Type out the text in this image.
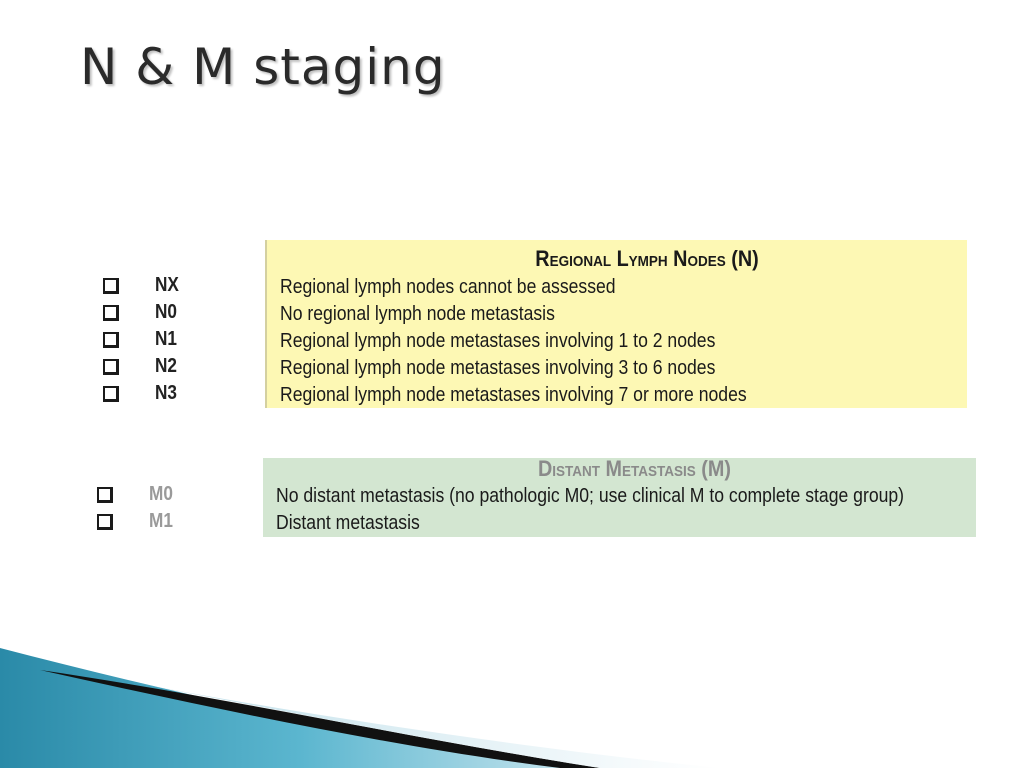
N & M staging
NX
N0
N1
N2
N3
Regional Lymph Nodes (N)
Regional lymph nodes cannot be assessed
No regional lymph node metastasis
Regional lymph node metastases involving 1 to 2 nodes
Regional lymph node metastases involving 3 to 6 nodes
Regional lymph node metastases involving 7 or more nodes
M0
M1
Distant Metastasis (M)
No distant metastasis (no pathologic M0; use clinical M to complete stage group)
Distant metastasis
